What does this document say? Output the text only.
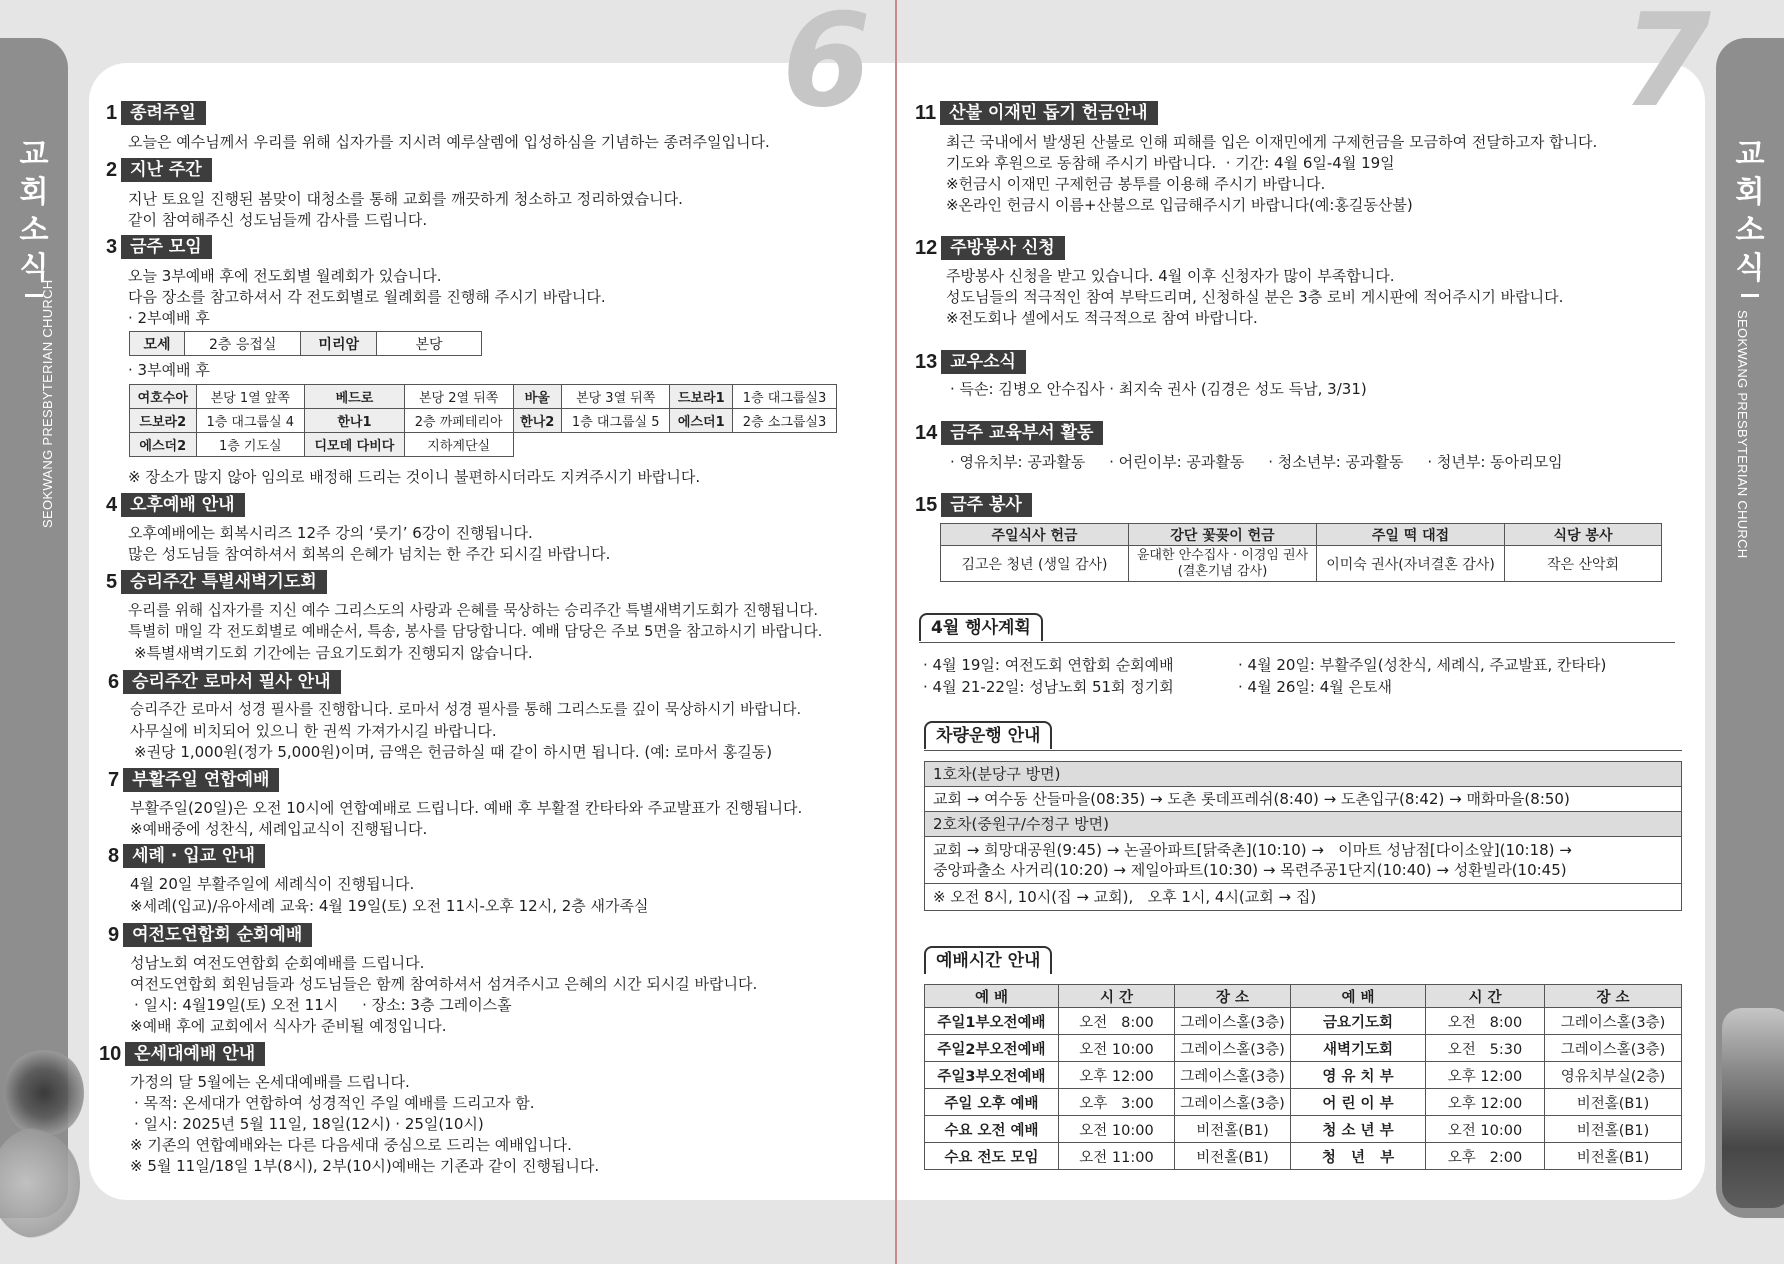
6	7
교회소식
SEOKWANG PRESBYTERIAN CHURCH
교회소식
SEOKWANG PRESBYTERIAN CHURCH
1 종려주일
오늘은 예수님께서 우리를 위해 십자가를 지시려 예루살렘에 입성하심을 기념하는 종려주일입니다.
2 지난 주간
지난 토요일 진행된 봄맞이 대청소를 통해 교회를 깨끗하게 청소하고 정리하였습니다.
같이 참여해주신 성도님들께 감사를 드립니다.
3 금주 모임
오늘 3부예배 후에 전도회별 월례회가 있습니다.
다음 장소를 참고하셔서 각 전도회별로 월례회를 진행해 주시기 바랍니다.
· 2부예배 후
모세	2층 응접실	미리암	본당
· 3부예배 후
여호수아	본당 1열 앞쪽	베드로	본당 2열 뒤쪽	바울	본당 3열 뒤쪽	드보라1	1층 대그룹실3
드보라2	1층 대그룹실 4	한나1	2층 까페테리아	한나2	1층 대그룹실 5	에스더1	2층 소그룹실3
에스더2	1층 기도실	디모데 다비다	지하계단실				
※ 장소가 많지 않아 임의로 배정해 드리는 것이니 불편하시더라도 지켜주시기 바랍니다.
4 오후예배 안내
오후예배에는 회복시리즈 12주 강의 ‘룻기’ 6강이 진행됩니다.
많은 성도님들 참여하셔서 회복의 은혜가 넘치는 한 주간 되시길 바랍니다.
5 승리주간 특별새벽기도회
우리를 위해 십자가를 지신 예수 그리스도의 사랑과 은혜를 묵상하는 승리주간 특별새벽기도회가 진행됩니다.
특별히 매일 각 전도회별로 예배순서, 특송, 봉사를 담당합니다. 예배 담당은 주보 5면을 참고하시기 바랍니다.
※특별새벽기도회 기간에는 금요기도회가 진행되지 않습니다.
6 승리주간 로마서 필사 안내
승리주간 로마서 성경 필사를 진행합니다. 로마서 성경 필사를 통해 그리스도를 깊이 묵상하시기 바랍니다.
사무실에 비치되어 있으니 한 권씩 가져가시길 바랍니다.
※권당 1,000원(정가 5,000원)이며, 금액은 헌금하실 때 같이 하시면 됩니다. (예: 로마서 홍길동)
7 부활주일 연합예배
부활주일(20일)은 오전 10시에 연합예배로 드립니다. 예배 후 부활절 칸타타와 주교발표가 진행됩니다.
※예배중에 성찬식, 세례입교식이 진행됩니다.
8 세례 · 입교 안내
4월 20일 부활주일에 세례식이 진행됩니다.
※세례(입교)/유아세례 교육: 4월 19일(토) 오전 11시-오후 12시, 2층 새가족실
9 여전도연합회 순회예배
성남노회 여전도연합회 순회예배를 드립니다.
여전도연합회 회원님들과 성도님들은 함께 참여하셔서 섬겨주시고 은혜의 시간 되시길 바랍니다.
· 일시: 4월19일(토) 오전 11시     · 장소: 3층 그레이스홀
※예배 후에 교회에서 식사가 준비될 예정입니다.
10 온세대예배 안내
가정의 달 5월에는 온세대예배를 드립니다.
· 목적: 온세대가 연합하여 성경적인 주일 예배를 드리고자 함.
· 일시: 2025년 5월 11일, 18일(12시) · 25일(10시)
※ 기존의 연합예배와는 다른 다음세대 중심으로 드리는 예배입니다.
※ 5월 11일/18일 1부(8시), 2부(10시)예배는 기존과 같이 진행됩니다.
11 산불 이재민 돕기 헌금안내
최근 국내에서 발생된 산불로 인해 피해를 입은 이재민에게 구제헌금을 모금하여 전달하고자 합니다.
기도와 후원으로 동참해 주시기 바랍니다.  · 기간: 4월 6일-4월 19일
※헌금시 이재민 구제헌금 봉투를 이용해 주시기 바랍니다.
※온라인 헌금시 이름+산불으로 입금해주시기 바랍니다(예:홍길동산불)
12 주방봉사 신청
주방봉사 신청을 받고 있습니다. 4월 이후 신청자가 많이 부족합니다.
성도님들의 적극적인 참여 부탁드리며, 신청하실 분은 3층 로비 게시판에 적어주시기 바랍니다.
※전도회나 셀에서도 적극적으로 참여 바랍니다.
13 교우소식
· 득손: 김병오 안수집사 · 최지숙 권사 (김경은 성도 득남, 3/31)
14 금주 교육부서 활동
· 영유치부: 공과활동     · 어린이부: 공과활동     · 청소년부: 공과활동     · 청년부: 동아리모임
15 금주 봉사
주일식사 헌금	강단 꽃꽂이 헌금	주일 떡 대접	식당 봉사
김고은 청년 (생일 감사)	윤대한 안수집사 · 이경임 권사
(결혼기념 감사)	이미숙 권사(자녀결혼 감사)	작은 산악회
4월 행사계획
· 4월 19일: 여전도회 연합회 순회예배	· 4월 20일: 부활주일(성찬식, 세례식, 주교발표, 칸타타)
· 4월 21-22일: 성남노회 51회 정기회	· 4월 26일: 4월 은토새
차량운행 안내
1호차(분당구 방면)
교회 → 여수동 산들마을(08:35) → 도촌 롯데프레쉬(8:40) → 도촌입구(8:42) → 매화마을(8:50)
2호차(중원구/수정구 방면)
교회 → 희망대공원(9:45) → 논골아파트[닭죽촌](10:10) →   이마트 성남점[다이소앞](10:18) →
중앙파출소 사거리(10:20) → 제일아파트(10:30) → 목련주공1단지(10:40) → 성환빌라(10:45)
※ 오전 8시, 10시(집 → 교회),   오후 1시, 4시(교회 → 집)
예배시간 안내
예 배	시 간	장 소	예 배	시 간	장 소
주일1부오전예배	오전   8:00	그레이스홀(3층)	금요기도회	오전   8:00	그레이스홀(3층)
주일2부오전예배	오전 10:00	그레이스홀(3층)	새벽기도회	오전   5:30	그레이스홀(3층)
주일3부오전예배	오후 12:00	그레이스홀(3층)	영 유 치 부	오후 12:00	영유치부실(2층)
주일 오후 예배	오후   3:00	그레이스홀(3층)	어 린 이 부	오후 12:00	비전홀(B1)
수요 오전 예배	오전 10:00	비전홀(B1)	청 소 년 부	오전 10:00	비전홀(B1)
수요 전도 모임	오전 11:00	비전홀(B1)	청   년   부	오후   2:00	비전홀(B1)
